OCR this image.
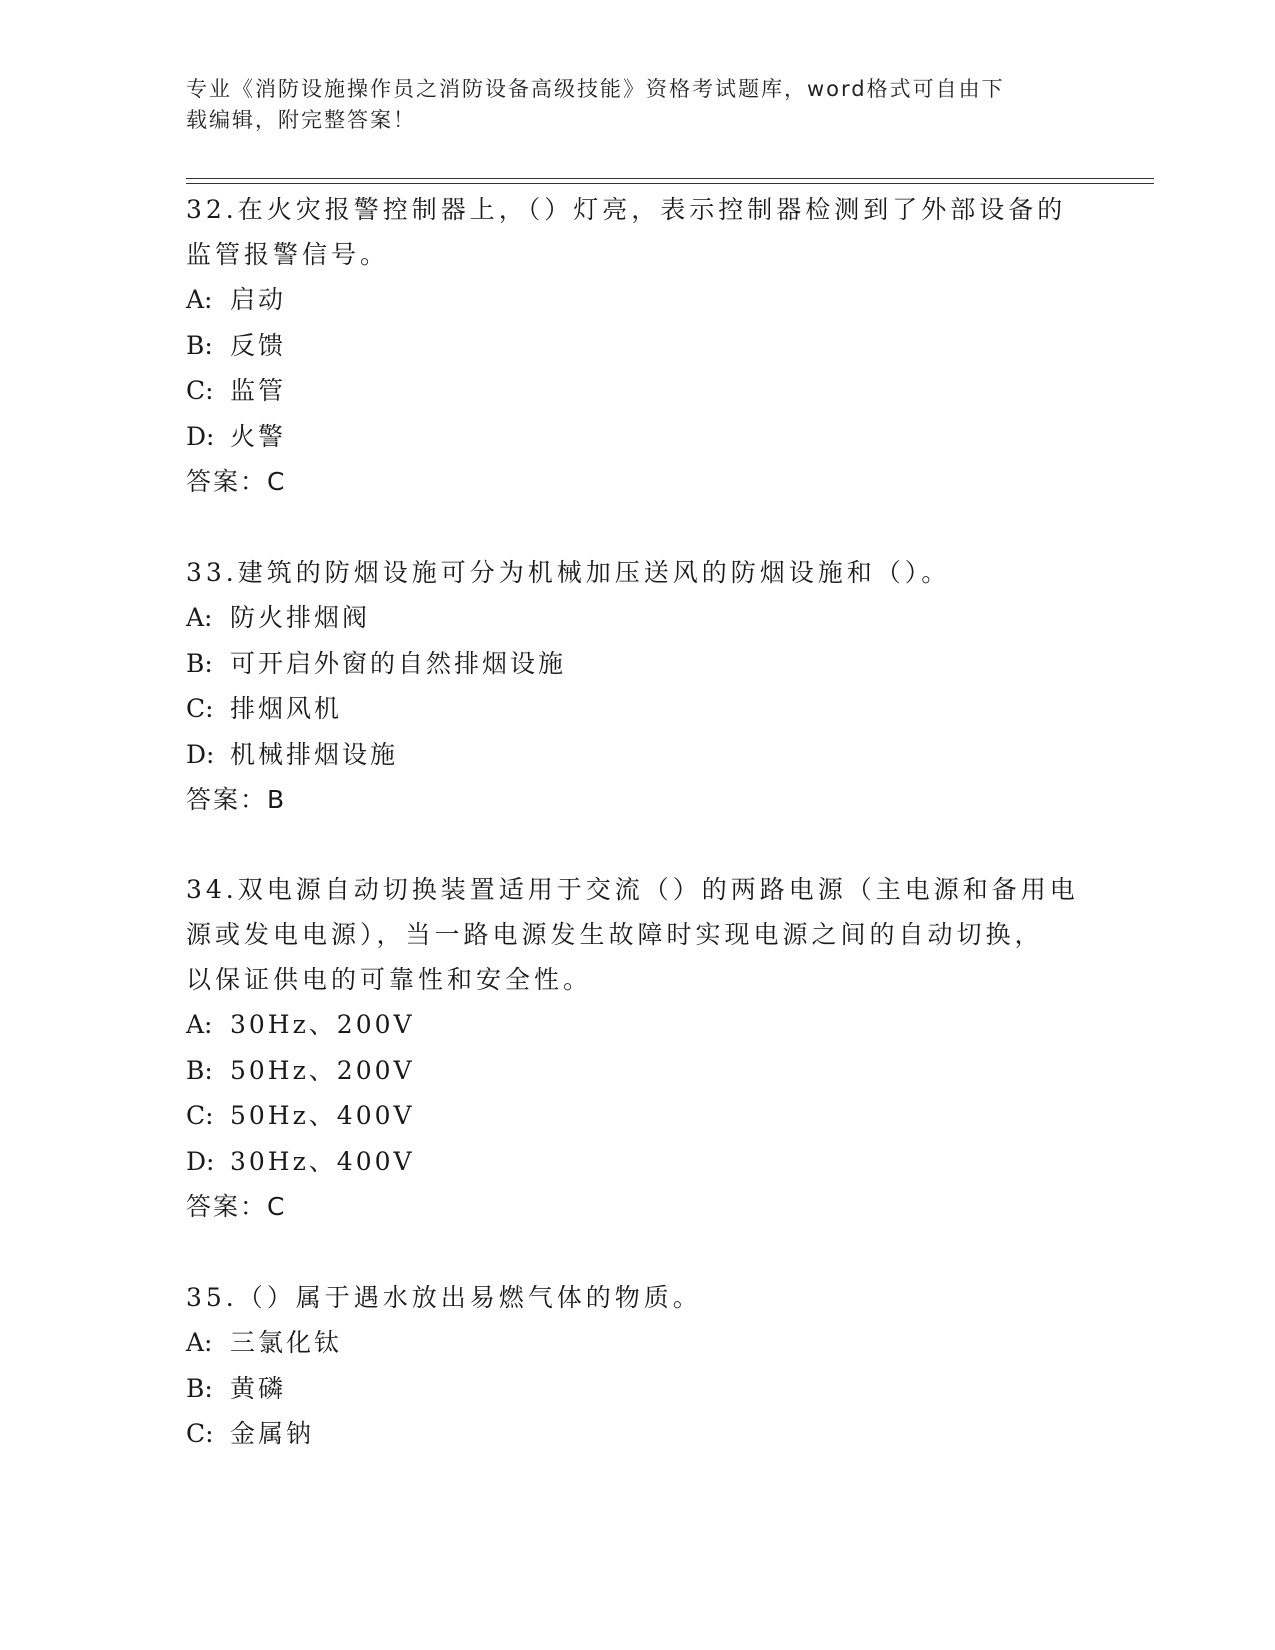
专业《消防设施操作员之消防设备高级技能》资格考试题库，word格式可自由下
载编辑，附完整答案！

32.在火灾报警控制器上，（）灯亮，表示控制器检测到了外部设备的

监管报警信号。

A: 启动

B: 反馈

C: 监管

D: 火警

答案：C

33.建筑的防烟设施可分为机械加压送风的防烟设施和（）。

A: 防火排烟阀

B: 可开启外窗的自然排烟设施

C: 排烟风机

D: 机械排烟设施

答案：B

34.双电源自动切换装置适用于交流（）的两路电源（主电源和备用电

源或发电电源），当一路电源发生故障时实现电源之间的自动切换，

以保证供电的可靠性和安全性。

A: 30Hz、200V

B: 50Hz、200V

C: 50Hz、400V

D: 30Hz、400V

答案：C

35.（）属于遇水放出易燃气体的物质。

A: 三氯化钛

B: 黄磷

C: 金属钠
